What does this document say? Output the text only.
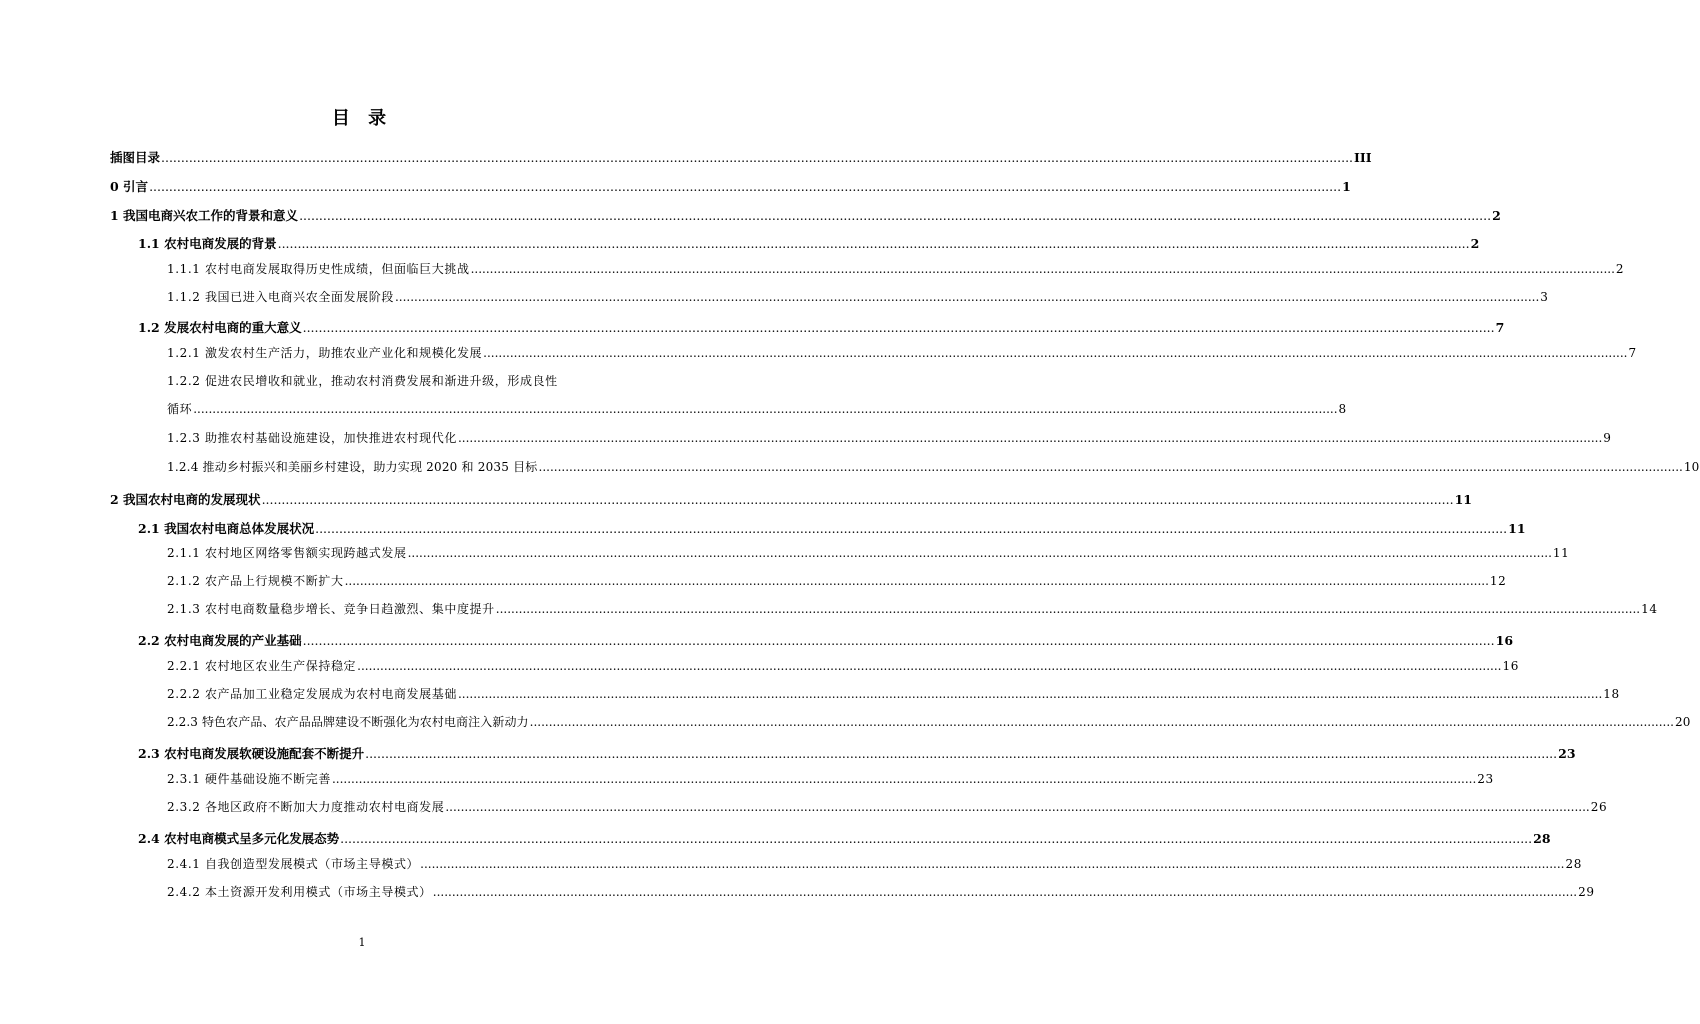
目 录
插图目录 ............................................................................................................................................................................................................................................................................................................ III
0 引言 ............................................................................................................................................................................................................................................................................................................ 1
1 我国电商兴农工作的背景和意义 ............................................................................................................................................................................................................................................................................................................ 2
1.1 农村电商发展的背景 ............................................................................................................................................................................................................................................................................................................ 2
1.1.1 农村电商发展取得历史性成绩，但面临巨大挑战 ............................................................................................................................................................................................................................................................................................................ 2
1.1.2 我国已进入电商兴农全面发展阶段 ............................................................................................................................................................................................................................................................................................................ 3
1.2 发展农村电商的重大意义 ............................................................................................................................................................................................................................................................................................................ 7
1.2.1 激发农村生产活力，助推农业产业化和规模化发展 ............................................................................................................................................................................................................................................................................................................ 7
1.2.2 促进农民增收和就业，推动农村消费发展和渐进升级，形成良性
循环 ............................................................................................................................................................................................................................................................................................................ 8
1.2.3 助推农村基础设施建设，加快推进农村现代化 ............................................................................................................................................................................................................................................................................................................ 9
1.2.4 推动乡村振兴和美丽乡村建设，助力实现 2020 和 2035 目标 ............................................................................................................................................................................................................................................................................................................ 10
2 我国农村电商的发展现状 ............................................................................................................................................................................................................................................................................................................ 11
2.1 我国农村电商总体发展状况 ............................................................................................................................................................................................................................................................................................................ 11
2.1.1 农村地区网络零售额实现跨越式发展 ............................................................................................................................................................................................................................................................................................................ 11
2.1.2 农产品上行规模不断扩大 ............................................................................................................................................................................................................................................................................................................ 12
2.1.3 农村电商数量稳步增长、竞争日趋激烈、集中度提升 ............................................................................................................................................................................................................................................................................................................ 14
2.2 农村电商发展的产业基础 ............................................................................................................................................................................................................................................................................................................ 16
2.2.1 农村地区农业生产保持稳定 ............................................................................................................................................................................................................................................................................................................ 16
2.2.2 农产品加工业稳定发展成为农村电商发展基础 ............................................................................................................................................................................................................................................................................................................ 18
2.2.3 特色农产品、农产品品牌建设不断强化为农村电商注入新动力 ............................................................................................................................................................................................................................................................................................................ 20
2.3 农村电商发展软硬设施配套不断提升 ............................................................................................................................................................................................................................................................................................................ 23
2.3.1 硬件基础设施不断完善 ............................................................................................................................................................................................................................................................................................................ 23
2.3.2 各地区政府不断加大力度推动农村电商发展 ............................................................................................................................................................................................................................................................................................................ 26
2.4 农村电商模式呈多元化发展态势 ............................................................................................................................................................................................................................................................................................................ 28
2.4.1 自我创造型发展模式（市场主导模式） ............................................................................................................................................................................................................................................................................................................ 28
2.4.2 本土资源开发利用模式（市场主导模式） ............................................................................................................................................................................................................................................................................................................ 29
1
